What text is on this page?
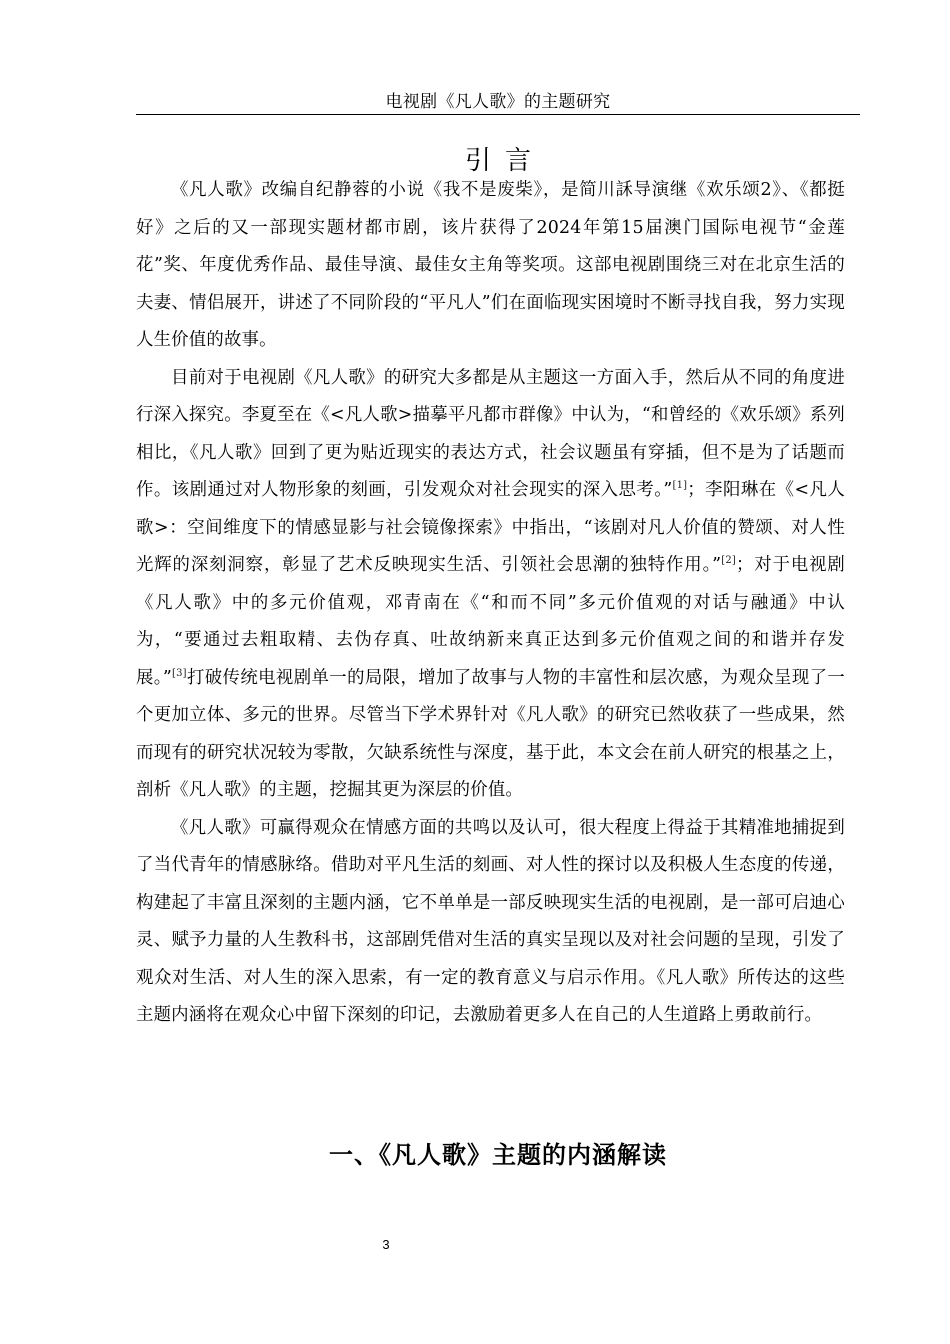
电视剧《凡人歌》的主题研究
引言

《凡人歌》改编自纪静蓉的小说《我不是废柴》，是简川訸导演继《欢乐颂2》、《都挺好》之后的又一部现实题材都市剧，该片获得了2024年第15届澳门国际电视节“金莲花”奖、年度优秀作品、最佳导演、最佳女主角等奖项。这部电视剧围绕三对在北京生活的夫妻、情侣展开，讲述了不同阶段的“平凡人”们在面临现实困境时不断寻找自我，努力实现人生价值的故事。

目前对于电视剧《凡人歌》的研究大多都是从主题这一方面入手，然后从不同的角度进行深入探究。李夏至在《<凡人歌>描摹平凡都市群像》中认为，“和曾经的《欢乐颂》系列相比，《凡人歌》回到了更为贴近现实的表达方式，社会议题虽有穿插，但不是为了话题而作。该剧通过对人物形象的刻画，引发观众对社会现实的深入思考。”[1]；李阳琳在《<凡人歌>：空间维度下的情感显影与社会镜像探索》中指出，“该剧对凡人价值的赞颂、对人性光辉的深刻洞察，彰显了艺术反映现实生活、引领社会思潮的独特作用。”[2]；对于电视剧《凡人歌》中的多元价值观，邓青南在《“和而不同”多元价值观的对话与融通》中认为，“要通过去粗取精、去伪存真、吐故纳新来真正达到多元价值观之间的和谐并存发展。”[3]打破传统电视剧单一的局限，增加了故事与人物的丰富性和层次感，为观众呈现了一个更加立体、多元的世界。尽管当下学术界针对《凡人歌》的研究已然收获了一些成果，然而现有的研究状况较为零散，欠缺系统性与深度，基于此，本文会在前人研究的根基之上，剖析《凡人歌》的主题，挖掘其更为深层的价值。

《凡人歌》可赢得观众在情感方面的共鸣以及认可，很大程度上得益于其精准地捕捉到了当代青年的情感脉络。借助对平凡生活的刻画、对人性的探讨以及积极人生态度的传递，构建起了丰富且深刻的主题内涵，它不单单是一部反映现实生活的电视剧，是一部可启迪心灵、赋予力量的人生教科书，这部剧凭借对生活的真实呈现以及对社会问题的呈现，引发了观众对生活、对人生的深入思索，有一定的教育意义与启示作用。《凡人歌》所传达的这些主题内涵将在观众心中留下深刻的印记，去激励着更多人在自己的人生道路上勇敢前行。

一、《凡人歌》主题的内涵解读
3
